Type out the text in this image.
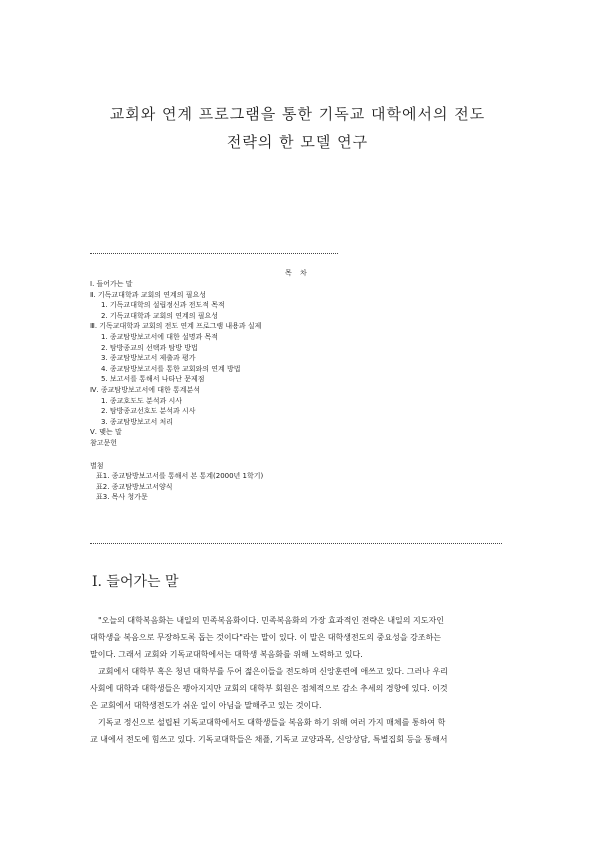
교회와 연계 프로그램을 통한 기독교 대학에서의 전도
전략의 한 모델 연구
목 차
Ⅰ. 들어가는 말
Ⅱ. 기독교대학과 교회의 연계의 필요성
1. 기독교대학의 설립정신과 전도적 목적
2. 기독교대학과 교회의 연계의 필요성
Ⅲ. 기독교대학과 교회의 전도 연계 프로그램 내용과 실제
1. 종교탐방보고서에 대한 설명과 목적
2. 탐방종교의 선택과 탐방 방법
3. 종교탐방보고서 제출과 평가
4. 종교탐방보고서를 통한 교회와의 연계 방법
5. 보고서를 통해서 나타난 문제점
Ⅳ. 종교탐방보고서에 대한 통계분석
1. 종교호도도 분석과 시사
2. 탐방종교선호도 분석과 시사
3. 종교탐방보고서 처리
Ⅴ. 맺는 말
참고문헌
별첨
표1. 종교탐방보고서를 통해서 본 통계(2000년 1학기)
표2. 종교탐방보고서양식
표3. 목사 청가문
Ⅰ. 들어가는 말

"오늘의 대학복음화는 내일의 민족복음화이다. 민족복음화의 가장 효과적인 전략은 내일의 지도자인

대학생을 복음으로 무장하도록 돕는 것이다"라는 말이 있다. 이 말은 대학생전도의 중요성을 강조하는

말이다. 그래서 교회와 기독교대학에서는 대학생 복음화를 위해 노력하고 있다.

교회에서 대학부 혹은 청년 대학부를 두어 젊은이들을 전도하며 신앙훈련에 애쓰고 있다. 그러나 우리

사회에 대학과 대학생들은 팽아지지만 교회의 대학부 회원은 점체적으로 감소 추세의 경향에 있다. 이것

은 교회에서 대학생전도가 쉬운 일이 아님을 말해주고 있는 것이다.

기독교 정신으로 설립된 기독교대학에서도 대학생들을 복음화 하기 위해 여러 가지 매체를 통하여 학

교 내에서 전도에 힘쓰고 있다. 기독교대학들은 채플, 기독교 교양과목, 신앙상담, 특별집회 등을 통해서
